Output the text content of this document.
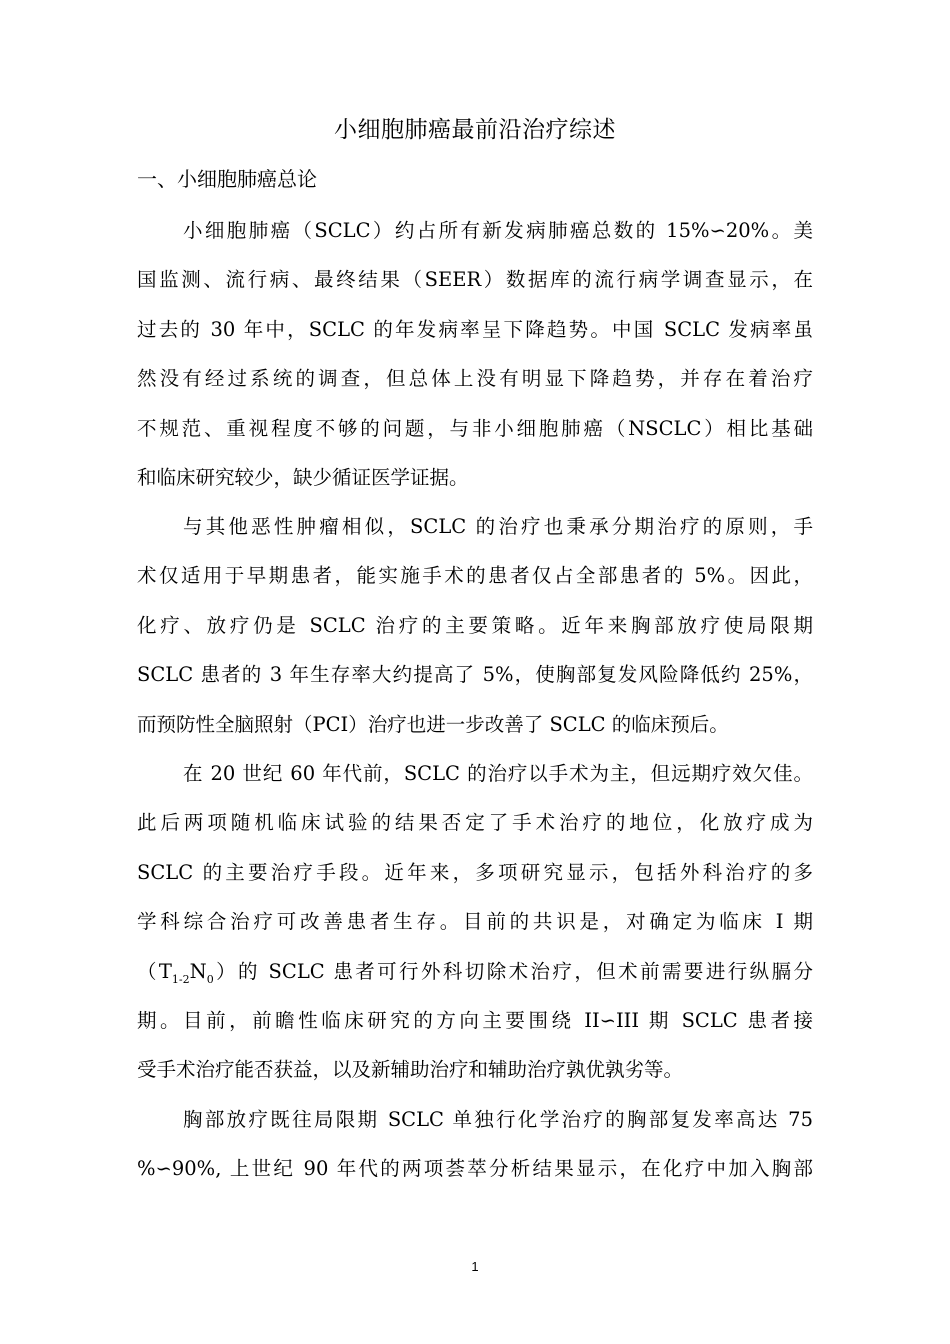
小细胞肺癌最前沿治疗综述
一、小细胞肺癌总论
小细胞肺癌（SCLC）约占所有新发病肺癌总数的 15%∽20%。美
国监测、流行病、最终结果（SEER）数据库的流行病学调查显示，在
过去的 30 年中，SCLC 的年发病率呈下降趋势。中国 SCLC 发病率虽
然没有经过系统的调查，但总体上没有明显下降趋势，并存在着治疗
不规范、重视程度不够的问题，与非小细胞肺癌（NSCLC）相比基础
和临床研究较少，缺少循证医学证据。
与其他恶性肿瘤相似，SCLC 的治疗也秉承分期治疗的原则，手
术仅适用于早期患者，能实施手术的患者仅占全部患者的 5%。因此，
化疗、放疗仍是 SCLC 治疗的主要策略。近年来胸部放疗使局限期
SCLC 患者的 3 年生存率大约提高了 5%，使胸部复发风险降低约 25%，
而预防性全脑照射（PCI）治疗也进一步改善了 SCLC 的临床预后。
在 20 世纪 60 年代前，SCLC 的治疗以手术为主，但远期疗效欠佳。
此后两项随机临床试验的结果否定了手术治疗的地位，化放疗成为
SCLC 的主要治疗手段。近年来，多项研究显示，包括外科治疗的多
学科综合治疗可改善患者生存。目前的共识是，对确定为临床 I 期
$(T_{1-2}N_0)$的 SCLC 患者可行外科切除术治疗，但术前需要进行纵膈分
期。目前，前瞻性临床研究的方向主要围绕 II∽III 期 SCLC 患者接
受手术治疗能否获益，以及新辅助治疗和辅助治疗孰优孰劣等。
胸部放疗既往局限期 SCLC 单独行化学治疗的胸部复发率高达 75
%∽90%, 上世纪 90 年代的两项荟萃分析结果显示，在化疗中加入胸部
1
